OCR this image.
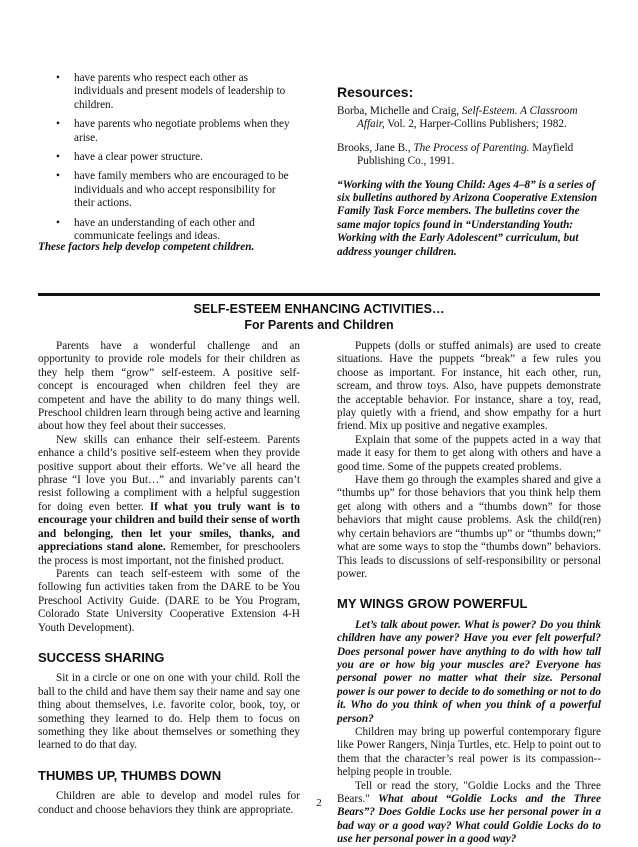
• have parents who respect each other as individuals and present models of leadership to children.
• have parents who negotiate problems when they arise.
• have a clear power structure.
• have family members who are encouraged to be individuals and who accept responsibility for their actions.
• have an understanding of each other and communicate feelings and ideas.

These factors help develop competent children.

Resources:

Borba, Michelle and Craig, Self-Esteem. A Classroom Affair, Vol. 2, Harper-Collins Publishers; 1982.

Brooks, Jane B., The Process of Parenting. Mayfield Publishing Co., 1991.

“Working with the Young Child: Ages 4–8” is a series of six bulletins authored by Arizona Cooperative Extension Family Task Force members. The bulletins cover the same major topics found in “Understanding Youth: Working with the Early Adolescent” curriculum, but address younger children.

SELF-ESTEEM ENHANCING ACTIVITIES…
For Parents and Children

Parents have a wonderful challenge and an opportunity to provide role models for their children as they help them “grow” self-esteem. A positive self-concept is encouraged when children feel they are competent and have the ability to do many things well. Preschool children learn through being active and learning about how they feel about their successes.

New skills can enhance their self-esteem. Parents enhance a child’s positive self-esteem when they provide positive support about their efforts. We’ve all heard the phrase “I love you But…” and invariably parents can’t resist following a compliment with a helpful suggestion for doing even better. If what you truly want is to encourage your children and build their sense of worth and belonging, then let your smiles, thanks, and appreciations stand alone. Remember, for preschoolers the process is most important, not the finished product.

Parents can teach self-esteem with some of the following fun activities taken from the DARE to be You Preschool Activity Guide. (DARE to be You Program, Colorado State University Cooperative Extension 4-H Youth Development).

SUCCESS SHARING

Sit in a circle or one on one with your child. Roll the ball to the child and have them say their name and say one thing about themselves, i.e. favorite color, book, toy, or something they learned to do. Help them to focus on something they like about themselves or something they learned to do that day.

THUMBS UP, THUMBS DOWN

Children are able to develop and model rules for conduct and choose behaviors they think are appropriate.

Puppets (dolls or stuffed animals) are used to create situations. Have the puppets “break” a few rules you choose as important. For instance, hit each other, run, scream, and throw toys. Also, have puppets demonstrate the acceptable behavior. For instance, share a toy, read, play quietly with a friend, and show empathy for a hurt friend. Mix up positive and negative examples.

Explain that some of the puppets acted in a way that made it easy for them to get along with others and have a good time. Some of the puppets created problems.

Have them go through the examples shared and give a “thumbs up” for those behaviors that you think help them get along with others and a “thumbs down” for those behaviors that might cause problems. Ask the child(ren) why certain behaviors are “thumbs up” or “thumbs down;” what are some ways to stop the “thumbs down” behaviors. This leads to discussions of self-responsibility or personal power.

MY WINGS GROW POWERFUL

Let’s talk about power. What is power? Do you think children have any power? Have you ever felt powerful? Does personal power have anything to do with how tall you are or how big your muscles are? Everyone has personal power no matter what their size. Personal power is our power to decide to do something or not to do it. Who do you think of when you think of a powerful person?

Children may bring up powerful contemporary figure like Power Rangers, Ninja Turtles, etc. Help to point out to them that the character’s real power is its compassion--helping people in trouble.

Tell or read the story, "Goldie Locks and the Three Bears." What about “Goldie Locks and the Three Bears”? Does Goldie Locks use her personal power in a bad way or a good way? What could Goldie Locks do to use her personal power in a good way?

2
